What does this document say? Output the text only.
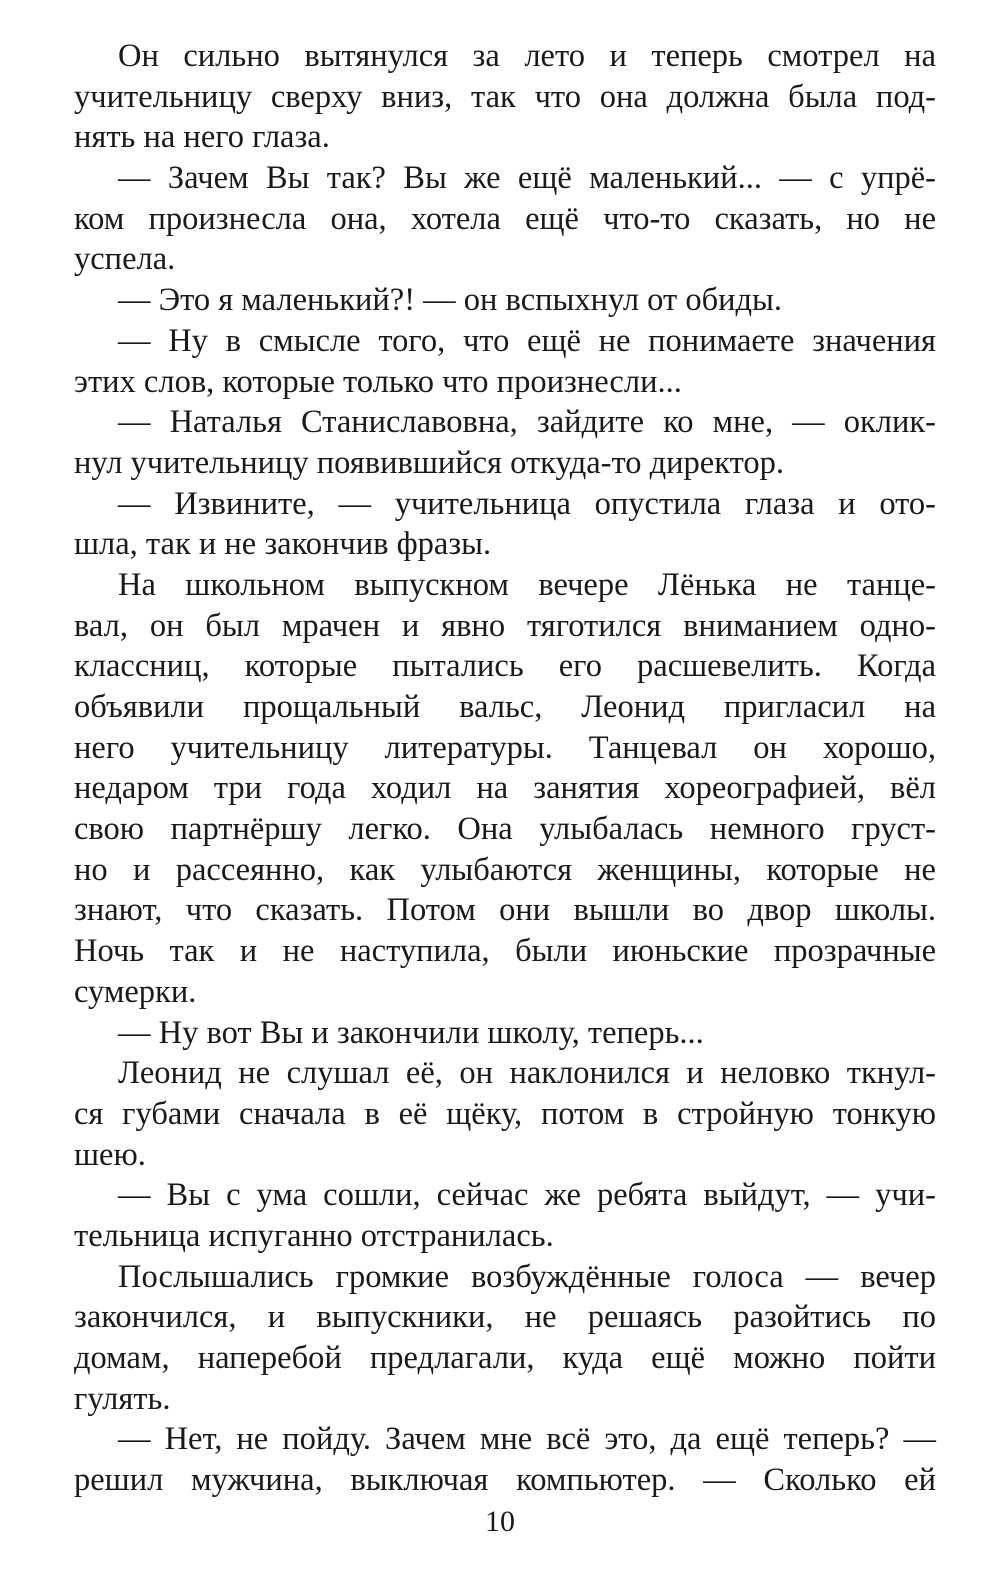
Он сильно вытянулся за лето и теперь смотрел на
учительницу сверху вниз, так что она должна была под-
нять на него глаза.
— Зачем Вы так? Вы же ещё маленький... — с упрё-
ком произнесла она, хотела ещё что-то сказать, но не
успела.
— Это я маленький?! — он вспыхнул от обиды.
— Ну в смысле того, что ещё не понимаете значения
этих слов, которые только что произнесли...
— Наталья Станиславовна, зайдите ко мне, — оклик-
нул учительницу появившийся откуда-то директор.
— Извините, — учительница опустила глаза и ото-
шла, так и не закончив фразы.
На школьном выпускном вечере Лёнька не танце-
вал, он был мрачен и явно тяготился вниманием одно-
классниц, которые пытались его расшевелить. Когда
объявили прощальный вальс, Леонид пригласил на
него учительницу литературы. Танцевал он хорошо,
недаром три года ходил на занятия хореографией, вёл
свою партнёршу легко. Она улыбалась немного груст-
но и рассеянно, как улыбаются женщины, которые не
знают, что сказать. Потом они вышли во двор школы.
Ночь так и не наступила, были июньские прозрачные
сумерки.
— Ну вот Вы и закончили школу, теперь...
Леонид не слушал её, он наклонился и неловко ткнул-
ся губами сначала в её щёку, потом в стройную тонкую
шею.
— Вы с ума сошли, сейчас же ребята выйдут, — учи-
тельница испуганно отстранилась.
Послышались громкие возбуждённые голоса — вечер
закончился, и выпускники, не решаясь разойтись по
домам, наперебой предлагали, куда ещё можно пойти
гулять.
— Нет, не пойду. Зачем мне всё это, да ещё теперь? —
решил мужчина, выключая компьютер. — Сколько ей
10
